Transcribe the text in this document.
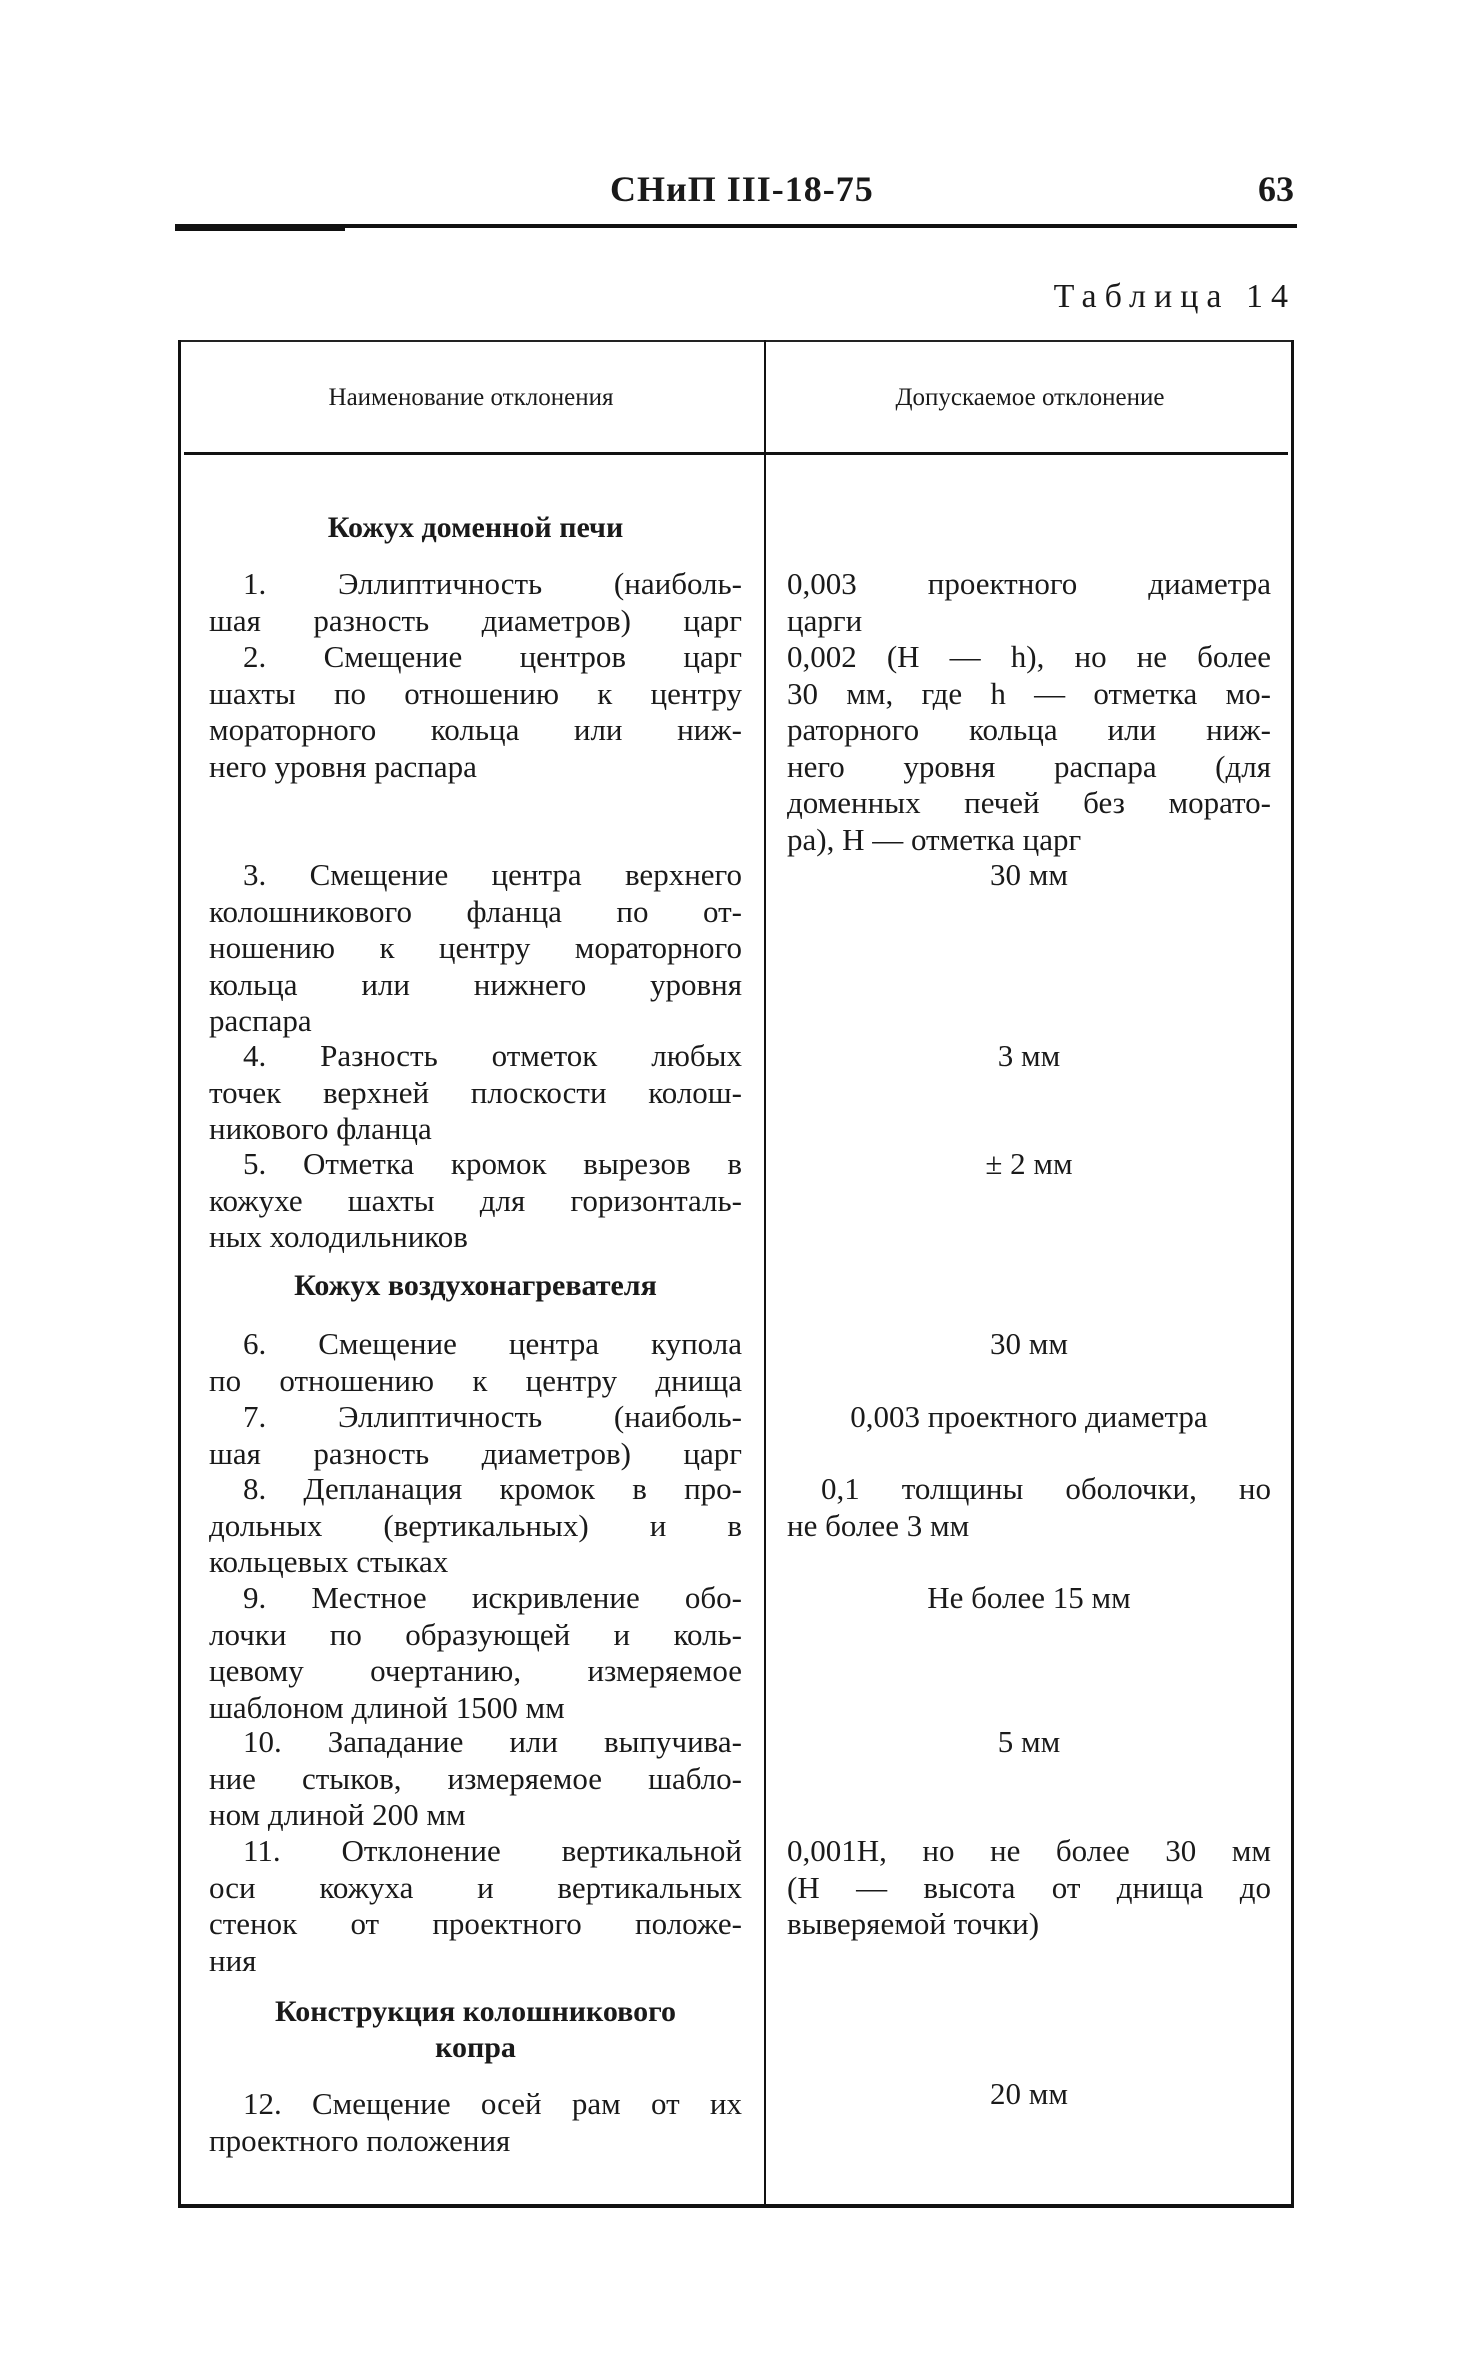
СНиП III-18-75	63
Таблица 14
Наименование отклонения	Допускаемое отклонение
Кожух доменной печи
1. Эллиптичность (наиболь-
шая разность диаметров) царг
0,003 проектного диаметра
царги
2. Смещение центров царг
шахты по отношению к центру
мораторного кольца или ниж-
него уровня распара
0,002 (H — h), но не более
30 мм, где h — отметка мо-
раторного кольца или ниж-
него уровня распара (для
доменных печей без морато-
ра), H — отметка царг
3. Смещение центра верхнего
колошникового фланца по от-
ношению к центру мораторного
кольца или нижнего уровня
распара
30 мм
4. Разность отметок любых
точек верхней плоскости колош-
никового фланца
3 мм
5. Отметка кромок вырезов в
кожухе шахты для горизонталь-
ных холодильников
± 2 мм
Кожух воздухонагревателя
6. Смещение центра купола
по отношению к центру днища
30 мм
7. Эллиптичность (наиболь-
шая разность диаметров) царг
0,003 проектного диаметра
8. Депланация кромок в про-
дольных (вертикальных) и в
кольцевых стыках
0,1 толщины оболочки, но
не более 3 мм
9. Местное искривление обо-
лочки по образующей и коль-
цевому очертанию, измеряемое
шаблоном длиной 1500 мм
Не более 15 мм
10. Западание или выпучива-
ние стыков, измеряемое шабло-
ном длиной 200 мм
5 мм
11. Отклонение вертикальной
оси кожуха и вертикальных
стенок от проектного положе-
ния
0,001H, но не более 30 мм
(H — высота от днища до
выверяемой точки)
Конструкция колошникового
копра
12. Смещение осей рам от их
проектного положения
20 мм
